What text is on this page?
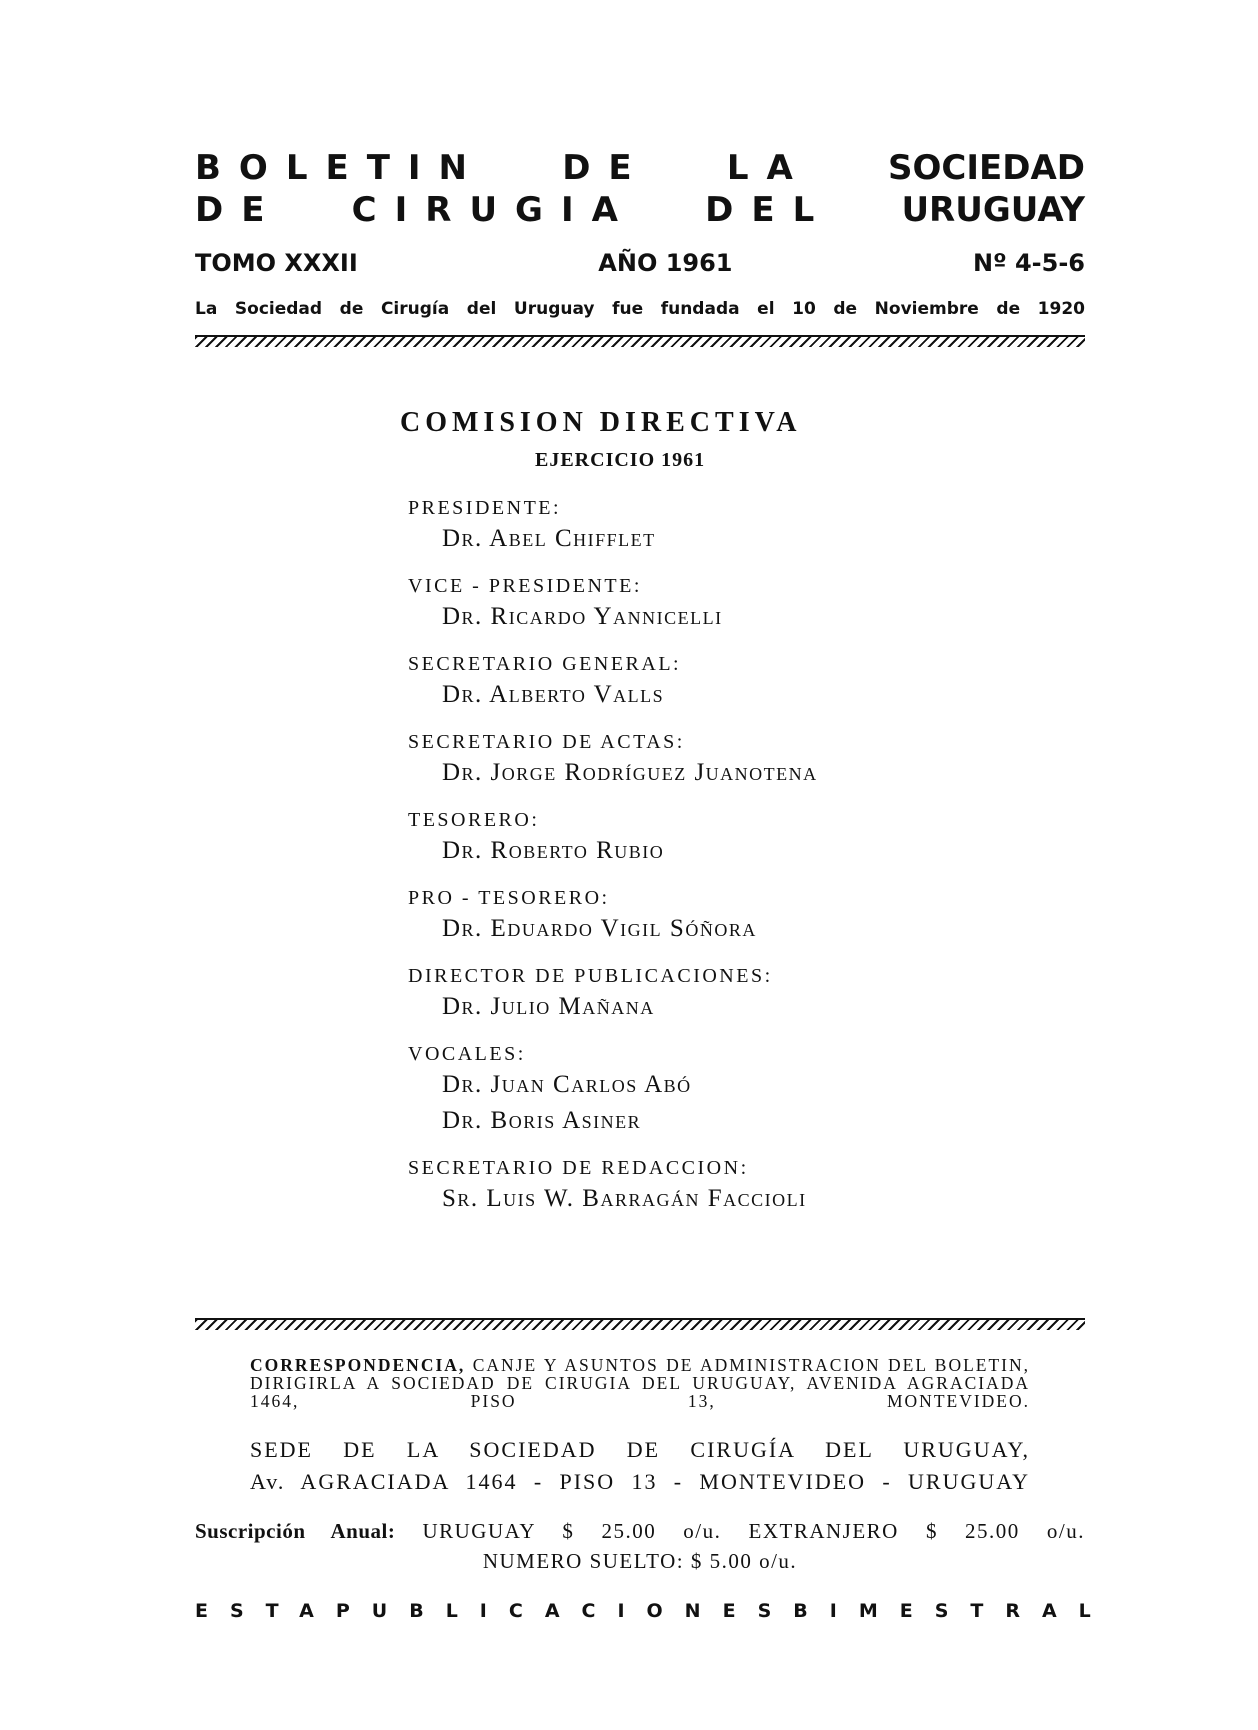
BOLETIN DE LA SOCIEDAD
DE CIRUGIA DEL URUGUAY
TOMO XXXII	AÑO 1961	Nº 4-5-6
La Sociedad de Cirugía del Uruguay fue fundada el 10 de Noviembre de 1920
COMISION DIRECTIVA
EJERCICIO 1961
PRESIDENTE:
Dr. Abel Chifflet
VICE - PRESIDENTE:
Dr. Ricardo Yannicelli
SECRETARIO GENERAL:
Dr. Alberto Valls
SECRETARIO DE ACTAS:
Dr. Jorge Rodríguez Juanotena
TESORERO:
Dr. Roberto Rubio
PRO - TESORERO:
Dr. Eduardo Vigil Sóñora
DIRECTOR DE PUBLICACIONES:
Dr. Julio Mañana
VOCALES:
Dr. Juan Carlos Abó
Dr. Boris Asiner
SECRETARIO DE REDACCION:
Sr. Luis W. Barragán Faccioli
CORRESPONDENCIA, CANJE Y ASUNTOS DE ADMINISTRACION DEL BOLETIN, DIRIGIRLA A SOCIEDAD DE CIRUGIA DEL URUGUAY, AVENIDA AGRACIADA 1464, PISO 13, MONTEVIDEO.
SEDE DE LA SOCIEDAD DE CIRUGÍA DEL URUGUAY,
Av. AGRACIADA 1464 - PISO 13 - MONTEVIDEO - URUGUAY
Suscripción Anual: URUGUAY $ 25.00 o/u. EXTRANJERO $ 25.00 o/u.
NUMERO SUELTO: $ 5.00 o/u.
ESTA PUBLICACION ES BIMESTRAL
